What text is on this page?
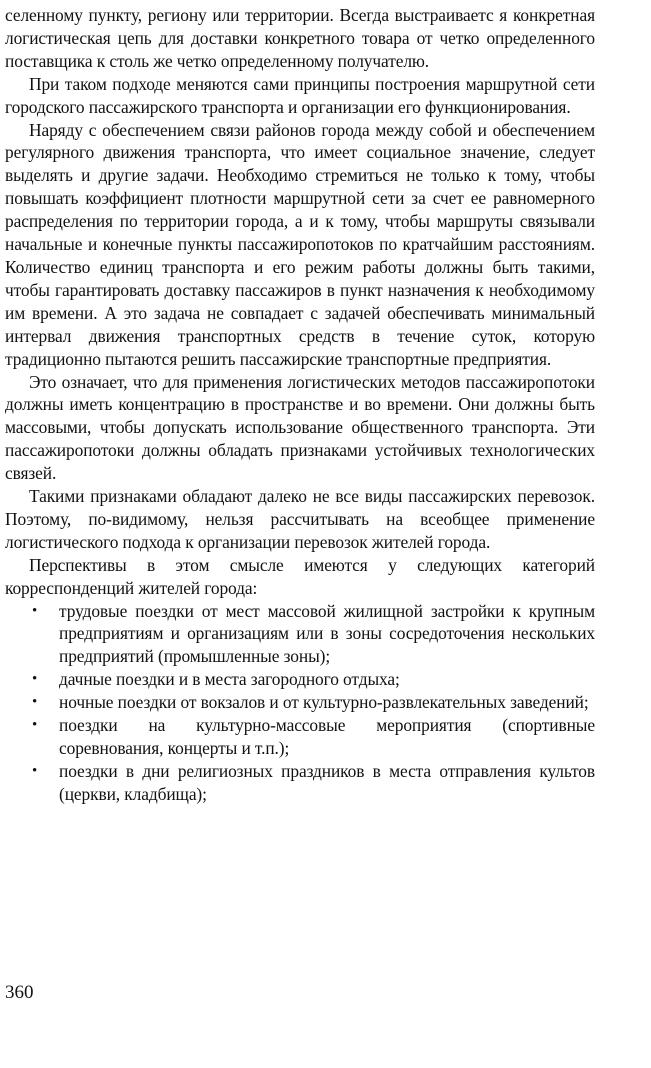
селенному пункту, региону или территории. Всегда выстраиваетс я конкретная логистическая цепь для доставки конкретного товара от четко определенного поставщика к столь же четко определенному получателю.

При таком подходе меняются сами принципы построения маршрутной сети городского пассажирского транспорта и организации его функционирования.

Наряду с обеспечением связи районов города между собой и обеспечением регулярного движения транспорта, что имеет социальное значение, следует выделять и другие задачи. Необходимо стремиться не только к тому, чтобы повышать коэффициент плотности маршрутной сети за счет ее равномерного распределения по территории города, а и к тому, чтобы маршруты связывали начальные и конечные пункты пассажиропотоков по кратчайшим расстояниям. Количество единиц транспорта и его режим работы должны быть такими, чтобы гарантировать доставку пассажиров в пункт назначения к необходимому им времени. А это задача не совпадает с задачей обеспечивать минимальный интервал движения транспортных средств в течение суток, которую традиционно пытаются решить пассажирские транспортные предприятия.

Это означает, что для применения логистических методов пассажиропотоки должны иметь концентрацию в пространстве и во времени. Они должны быть массовыми, чтобы допускать использование общественного транспорта. Эти пассажиропотоки должны обладать признаками устойчивых технологических связей.

Такими признаками обладают далеко не все виды пассажирских перевозок. Поэтому, по-видимому, нельзя рассчитывать на всеобщее применение логистического подхода к организации перевозок жителей города.

Перспективы в этом смысле имеются у следующих категорий корреспонденций жителей города:

• трудовые поездки от мест массовой жилищной застройки к крупным предприятиям и организациям или в зоны сосредоточения нескольких предприятий (промышленные зоны);
• дачные поездки и в места загородного отдыха;
• ночные поездки от вокзалов и от культурно-развлекательных заведений;
• поездки на культурно-массовые мероприятия (спортивные соревнования, концерты и т.п.);
• поездки в дни религиозных праздников в места отправления культов (церкви, кладбища);
360
